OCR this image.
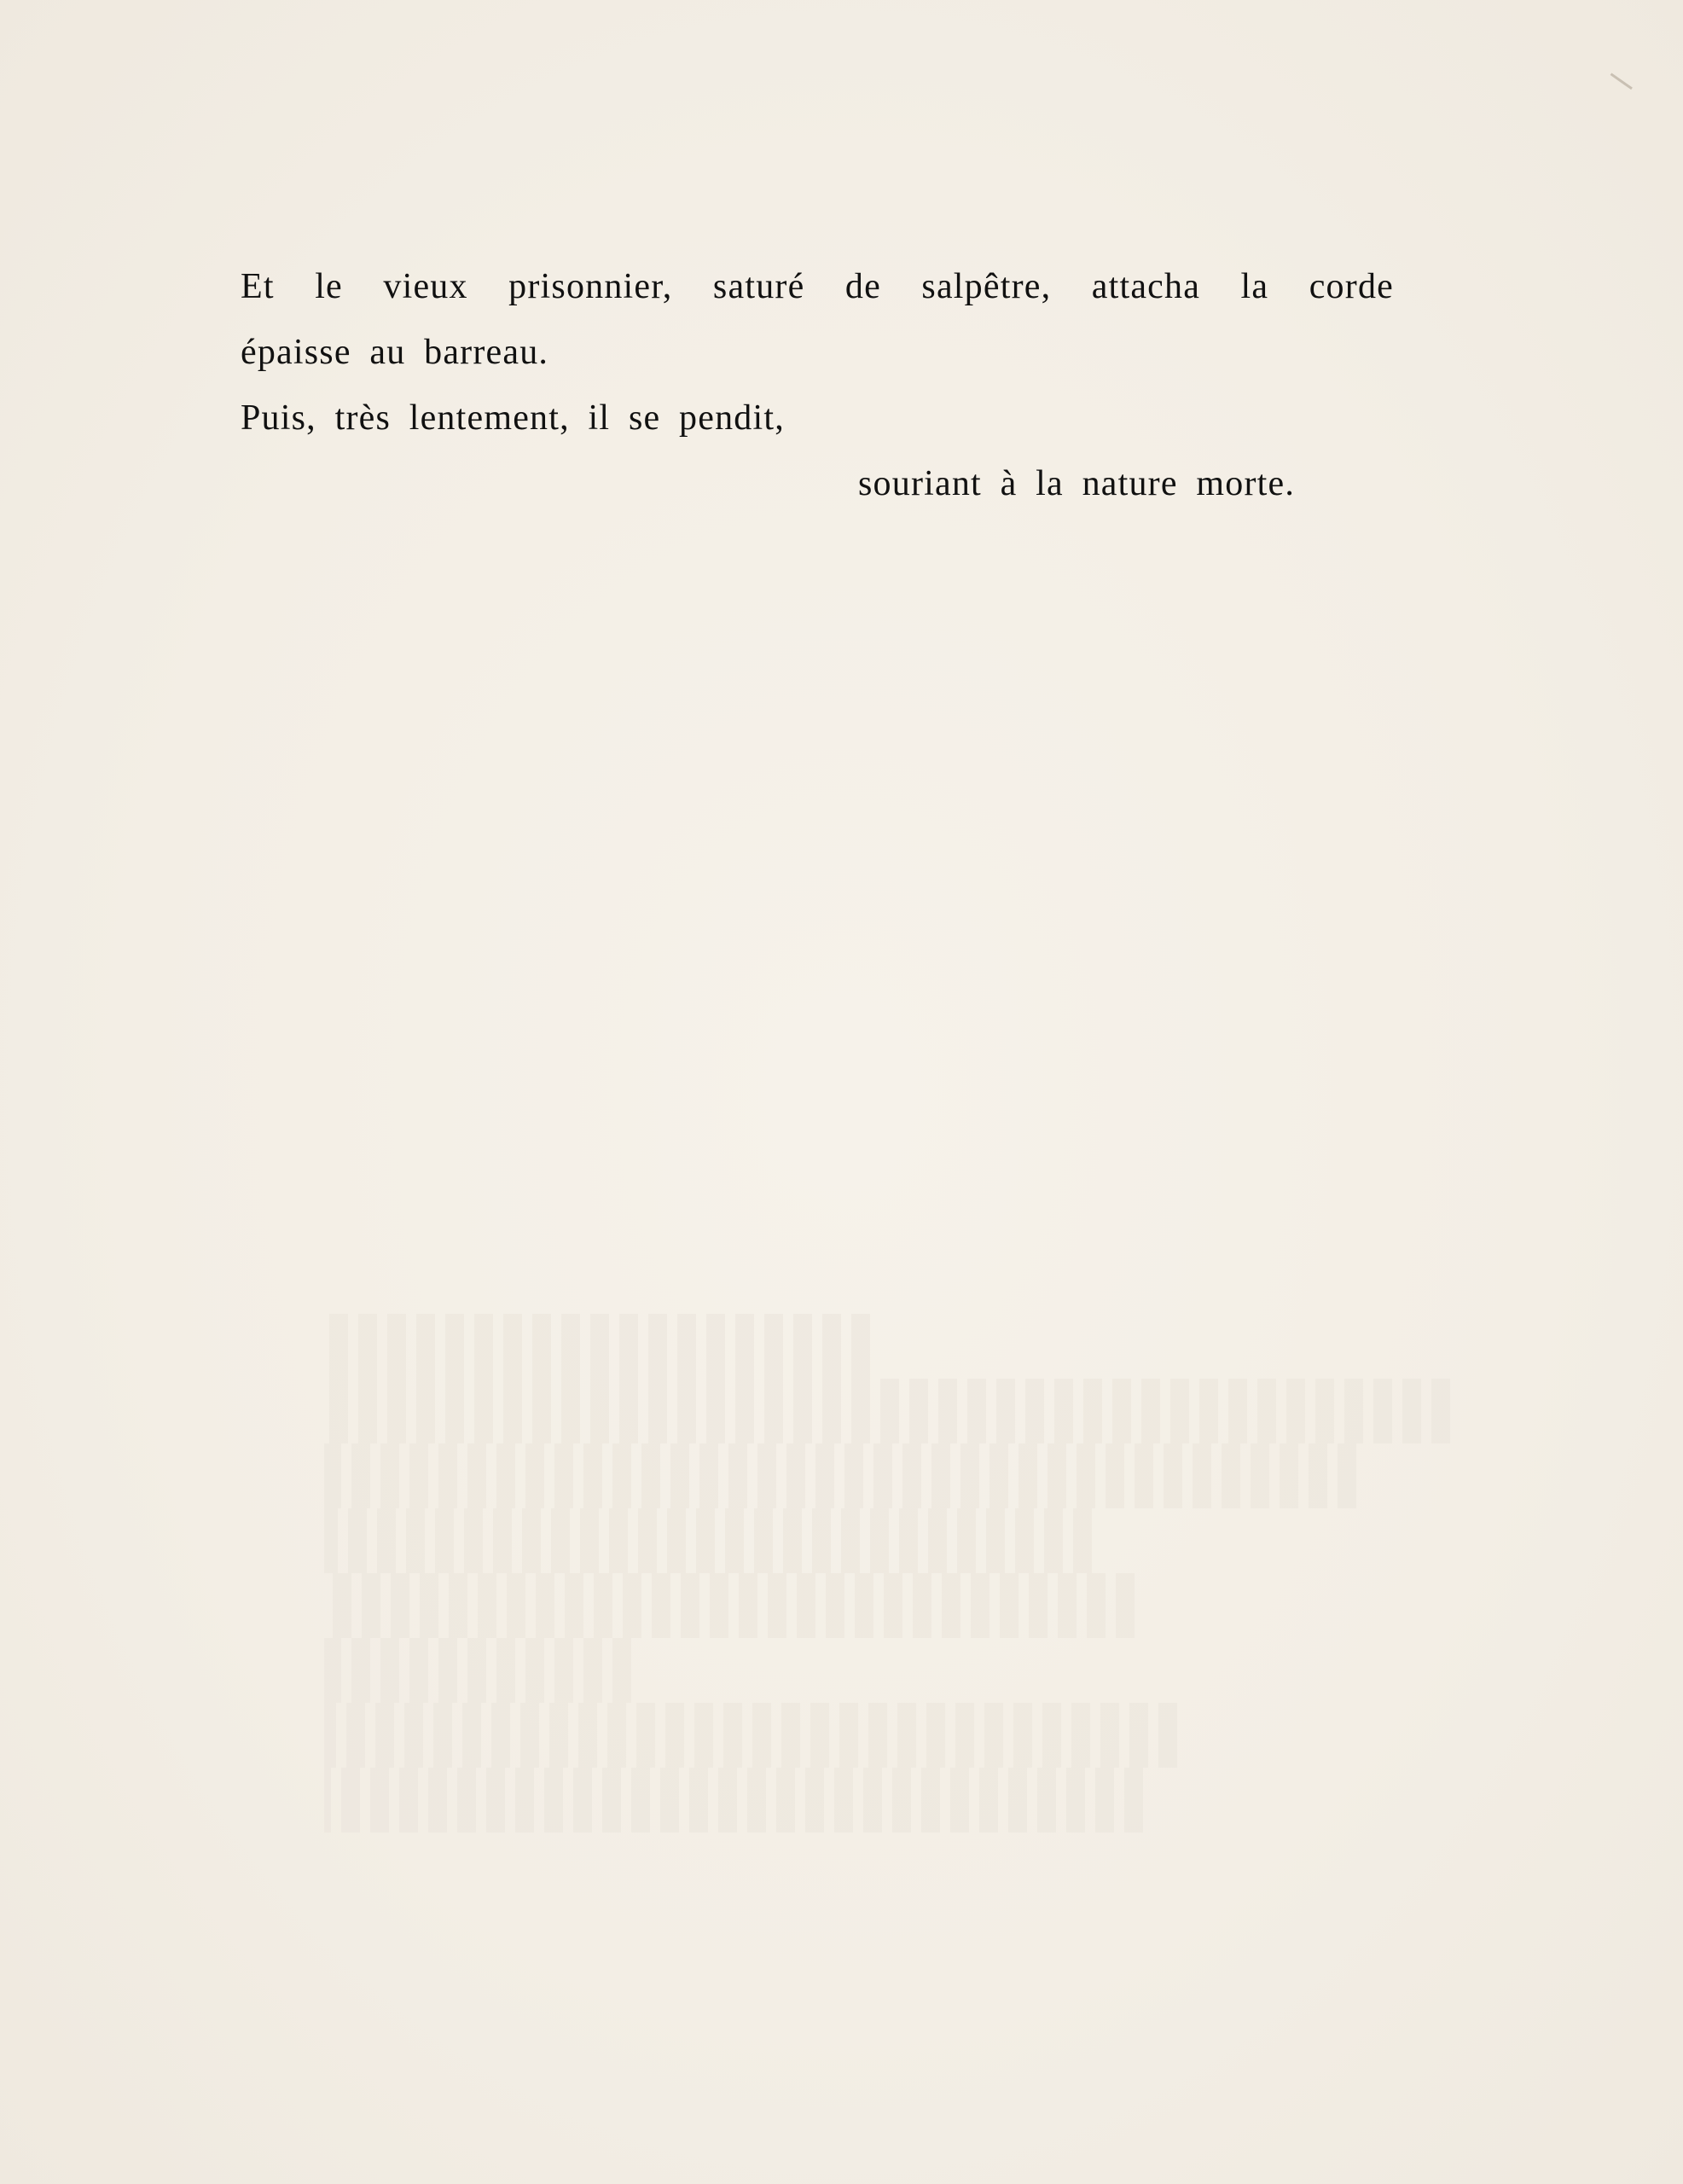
Et le vieux prisonnier, saturé de salpêtre, attacha la corde
épaisse au barreau.
Puis, très lentement, il se pendit,
souriant à la nature morte.
